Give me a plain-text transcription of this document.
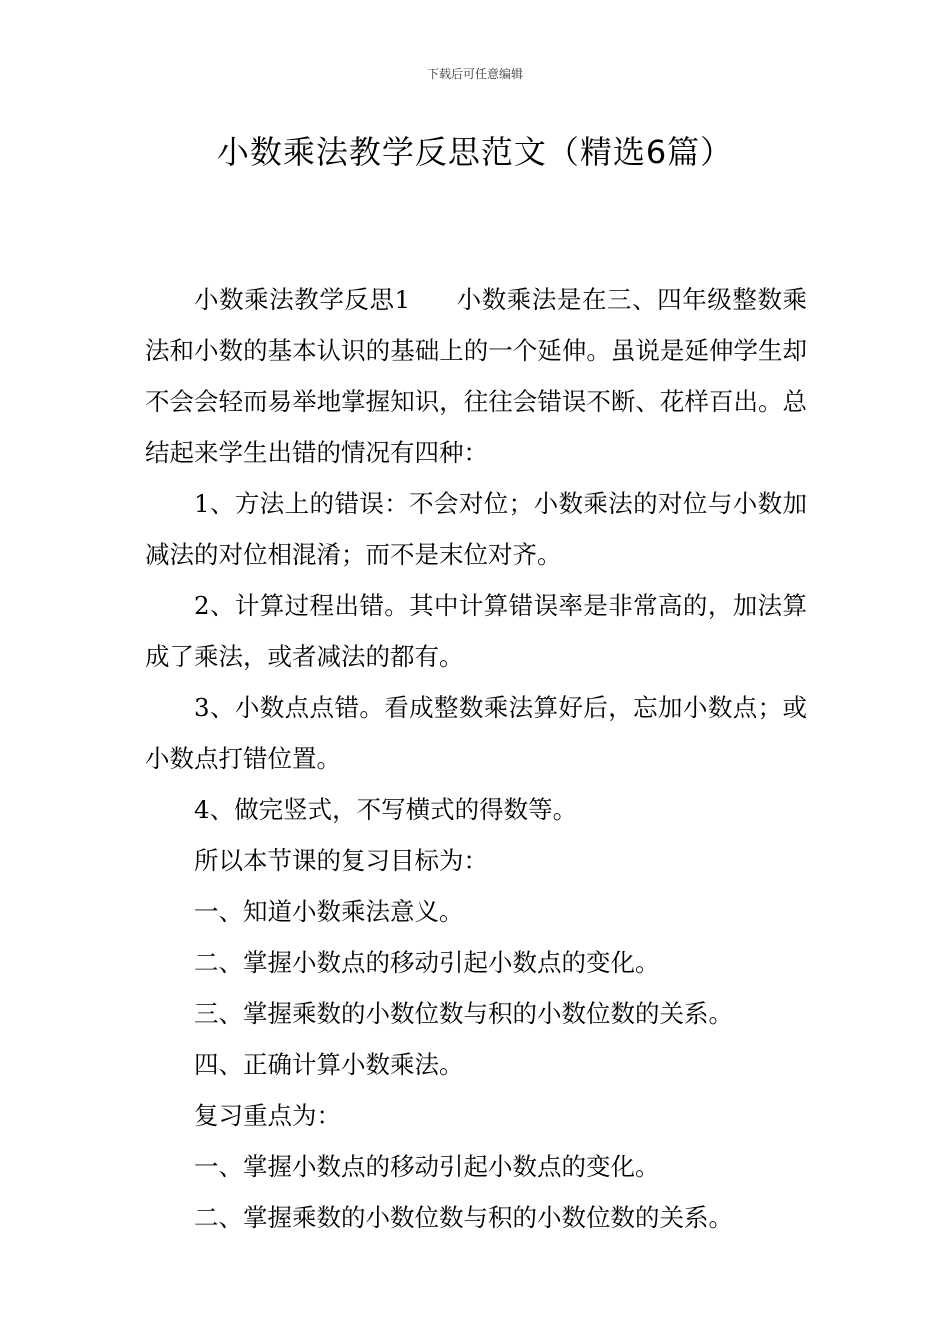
下载后可任意编辑
小数乘法教学反思范文（精选6篇）

小数乘法教学反思1 小数乘法是在三、四年级整数乘法和小数的基本认识的基础上的一个延伸。虽说是延伸学生却不会会轻而易举地掌握知识，往往会错误不断、花样百出。总结起来学生出错的情况有四种：

1、方法上的错误：不会对位；小数乘法的对位与小数加减法的对位相混淆；而不是末位对齐。

2、计算过程出错。其中计算错误率是非常高的，加法算成了乘法，或者减法的都有。

3、小数点点错。看成整数乘法算好后，忘加小数点；或小数点打错位置。

4、做完竖式，不写横式的得数等。

所以本节课的复习目标为：

一、知道小数乘法意义。

二、掌握小数点的移动引起小数点的变化。

三、掌握乘数的小数位数与积的小数位数的关系。

四、正确计算小数乘法。

复习重点为：

一、掌握小数点的移动引起小数点的变化。

二、掌握乘数的小数位数与积的小数位数的关系。
